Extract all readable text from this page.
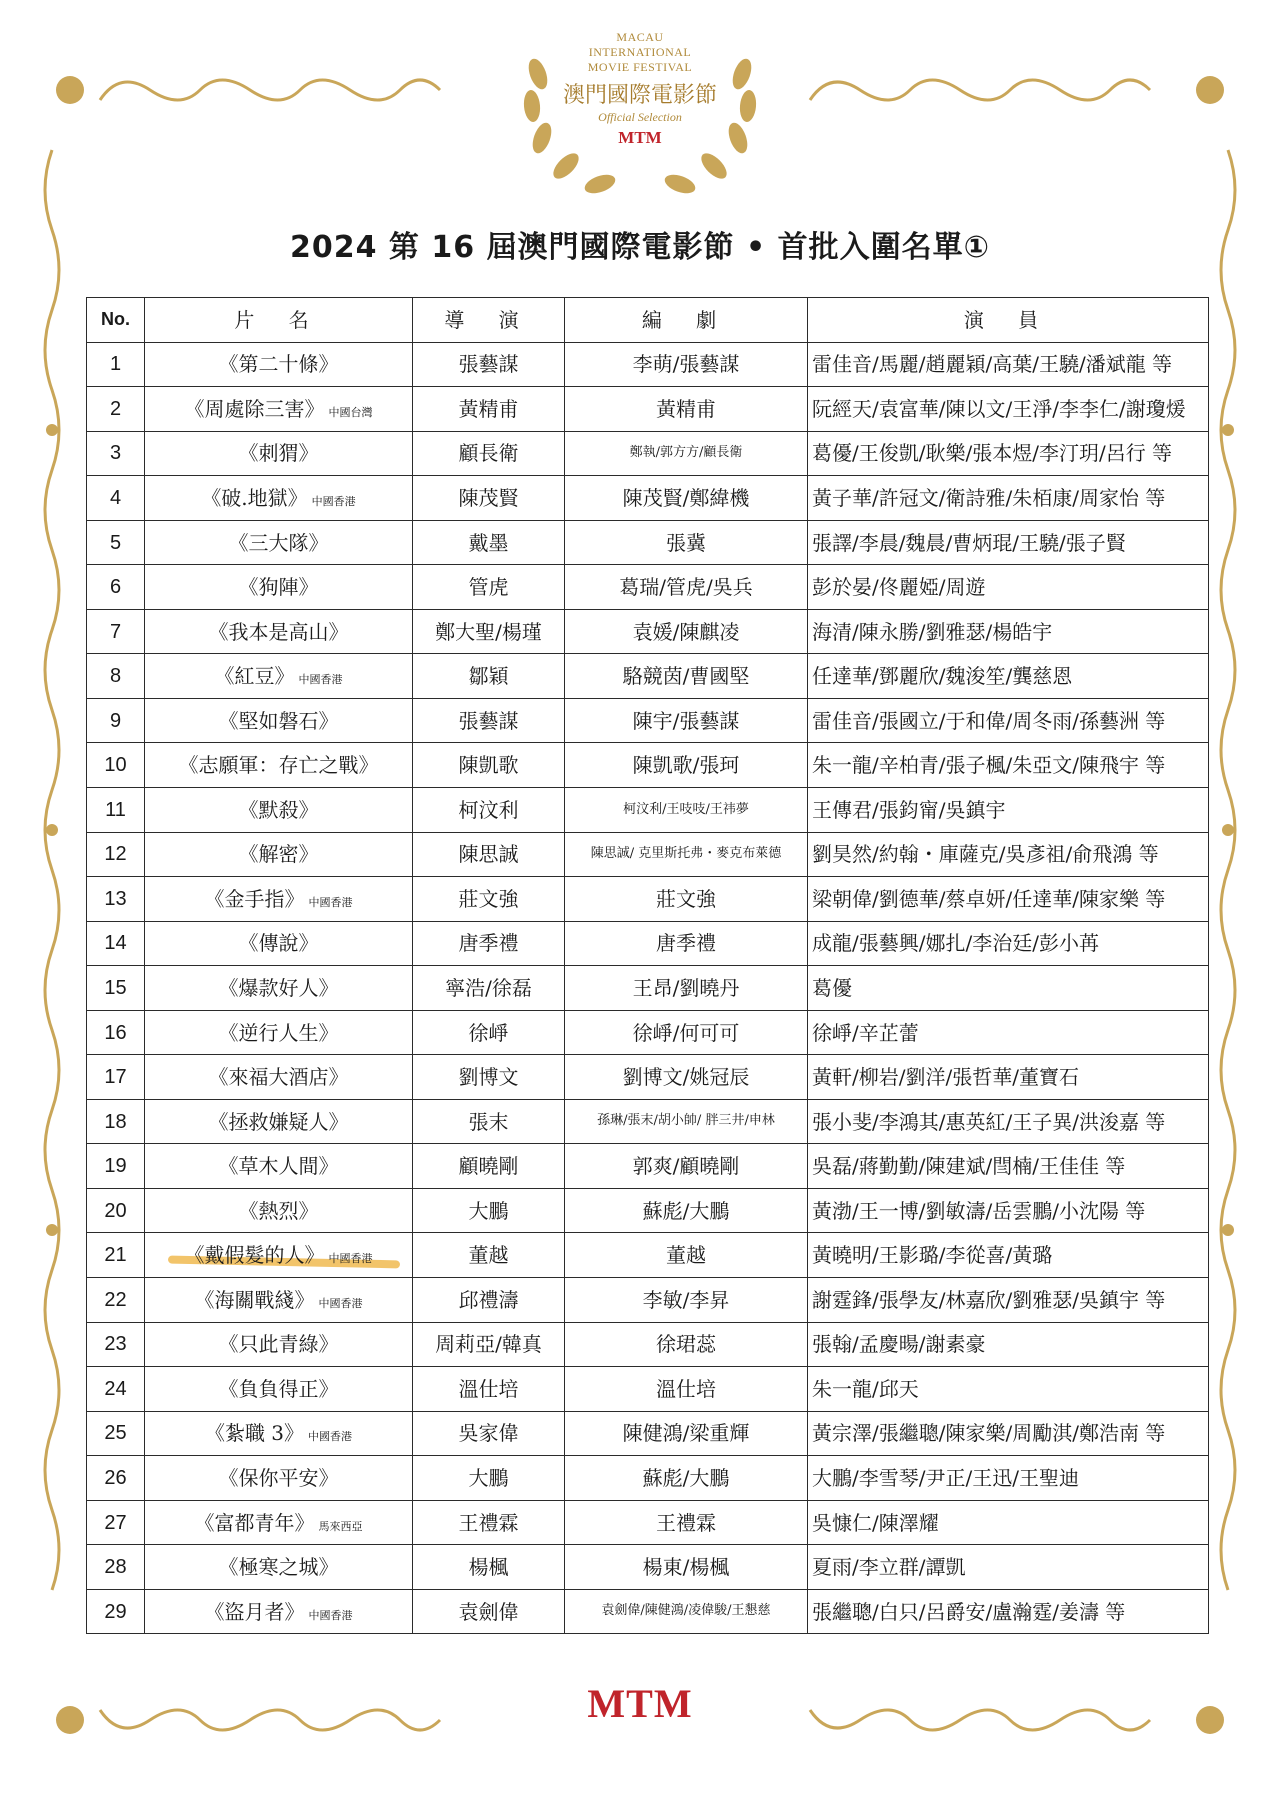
MACAU
INTERNATIONAL
MOVIE FESTIVAL
澳門國際電影節
Official Selection
MTM
2024 第 16 屆澳門國際電影節 • 首批入圍名單①
No.	片 名	導 演	編 劇	演 員
1	《第二十條》	張藝謀	李萌/張藝謀	雷佳音/馬麗/趙麗穎/高葉/王驍/潘斌龍 等
2	《周處除三害》 中國台灣	黃精甫	黃精甫	阮經天/袁富華/陳以文/王淨/李李仁/謝瓊煖
3	《刺猬》	顧長衛	鄭執/郭方方/顧長衛	葛優/王俊凱/耿樂/張本煜/李汀玥/呂行 等
4	《破.地獄》 中國香港	陳茂賢	陳茂賢/鄭緯機	黃子華/許冠文/衛詩雅/朱栢康/周家怡 等
5	《三大隊》	戴墨	張冀	張譯/李晨/魏晨/曹炳琨/王驍/張子賢
6	《狗陣》	管虎	葛瑞/管虎/吳兵	彭於晏/佟麗婭/周遊
7	《我本是高山》	鄭大聖/楊瑾	袁媛/陳麒凌	海清/陳永勝/劉雅瑟/楊皓宇
8	《紅豆》 中國香港	鄒穎	駱競茵/曹國堅	任達華/鄧麗欣/魏浚笙/龔慈恩
9	《堅如磐石》	張藝謀	陳宇/張藝謀	雷佳音/張國立/于和偉/周冬雨/孫藝洲 等
10	《志願軍：存亡之戰》	陳凱歌	陳凱歌/張珂	朱一龍/辛柏青/張子楓/朱亞文/陳飛宇 等
11	《默殺》	柯汶利	柯汶利/王吱吱/王祎夢	王傳君/張鈞甯/吳鎮宇
12	《解密》	陳思誠	陳思誠/ 克里斯托弗・麥克布萊德	劉昊然/約翰・庫薩克/吳彥祖/俞飛鴻 等
13	《金手指》 中國香港	莊文強	莊文強	梁朝偉/劉德華/蔡卓妍/任達華/陳家樂 等
14	《傳說》	唐季禮	唐季禮	成龍/張藝興/娜扎/李治廷/彭小苒
15	《爆款好人》	寧浩/徐磊	王昂/劉曉丹	葛優
16	《逆行人生》	徐崢	徐崢/何可可	徐崢/辛芷蕾
17	《來福大酒店》	劉博文	劉博文/姚冠辰	黃軒/柳岩/劉洋/張哲華/董寶石
18	《拯救嫌疑人》	張末	孫琳/張末/胡小帥/ 胖三井/申林	張小斐/李鴻其/惠英紅/王子異/洪浚嘉 等
19	《草木人間》	顧曉剛	郭爽/顧曉剛	吳磊/蔣勤勤/陳建斌/閆楠/王佳佳 等
20	《熱烈》	大鵬	蘇彪/大鵬	黃渤/王一博/劉敏濤/岳雲鵬/小沈陽 等
21	《戴假髮的人》 中國香港	董越	董越	黃曉明/王影璐/李從喜/黃璐
22	《海關戰綫》 中國香港	邱禮濤	李敏/李昇	謝霆鋒/張學友/林嘉欣/劉雅瑟/吳鎮宇 等
23	《只此青綠》	周莉亞/韓真	徐珺蕊	張翰/孟慶暘/謝素豪
24	《負負得正》	溫仕培	溫仕培	朱一龍/邱天
25	《紮職 3》 中國香港	吳家偉	陳健鴻/梁重輝	黃宗澤/張繼聰/陳家樂/周勵淇/鄭浩南 等
26	《保你平安》	大鵬	蘇彪/大鵬	大鵬/李雪琴/尹正/王迅/王聖迪
27	《富都青年》 馬來西亞	王禮霖	王禮霖	吳慷仁/陳澤耀
28	《極寒之城》	楊楓	楊東/楊楓	夏雨/李立群/譚凱
29	《盜月者》 中國香港	袁劍偉	袁劍偉/陳健鴻/凌偉駿/王懇慈	張繼聰/白只/呂爵安/盧瀚霆/姜濤 等
MTM
